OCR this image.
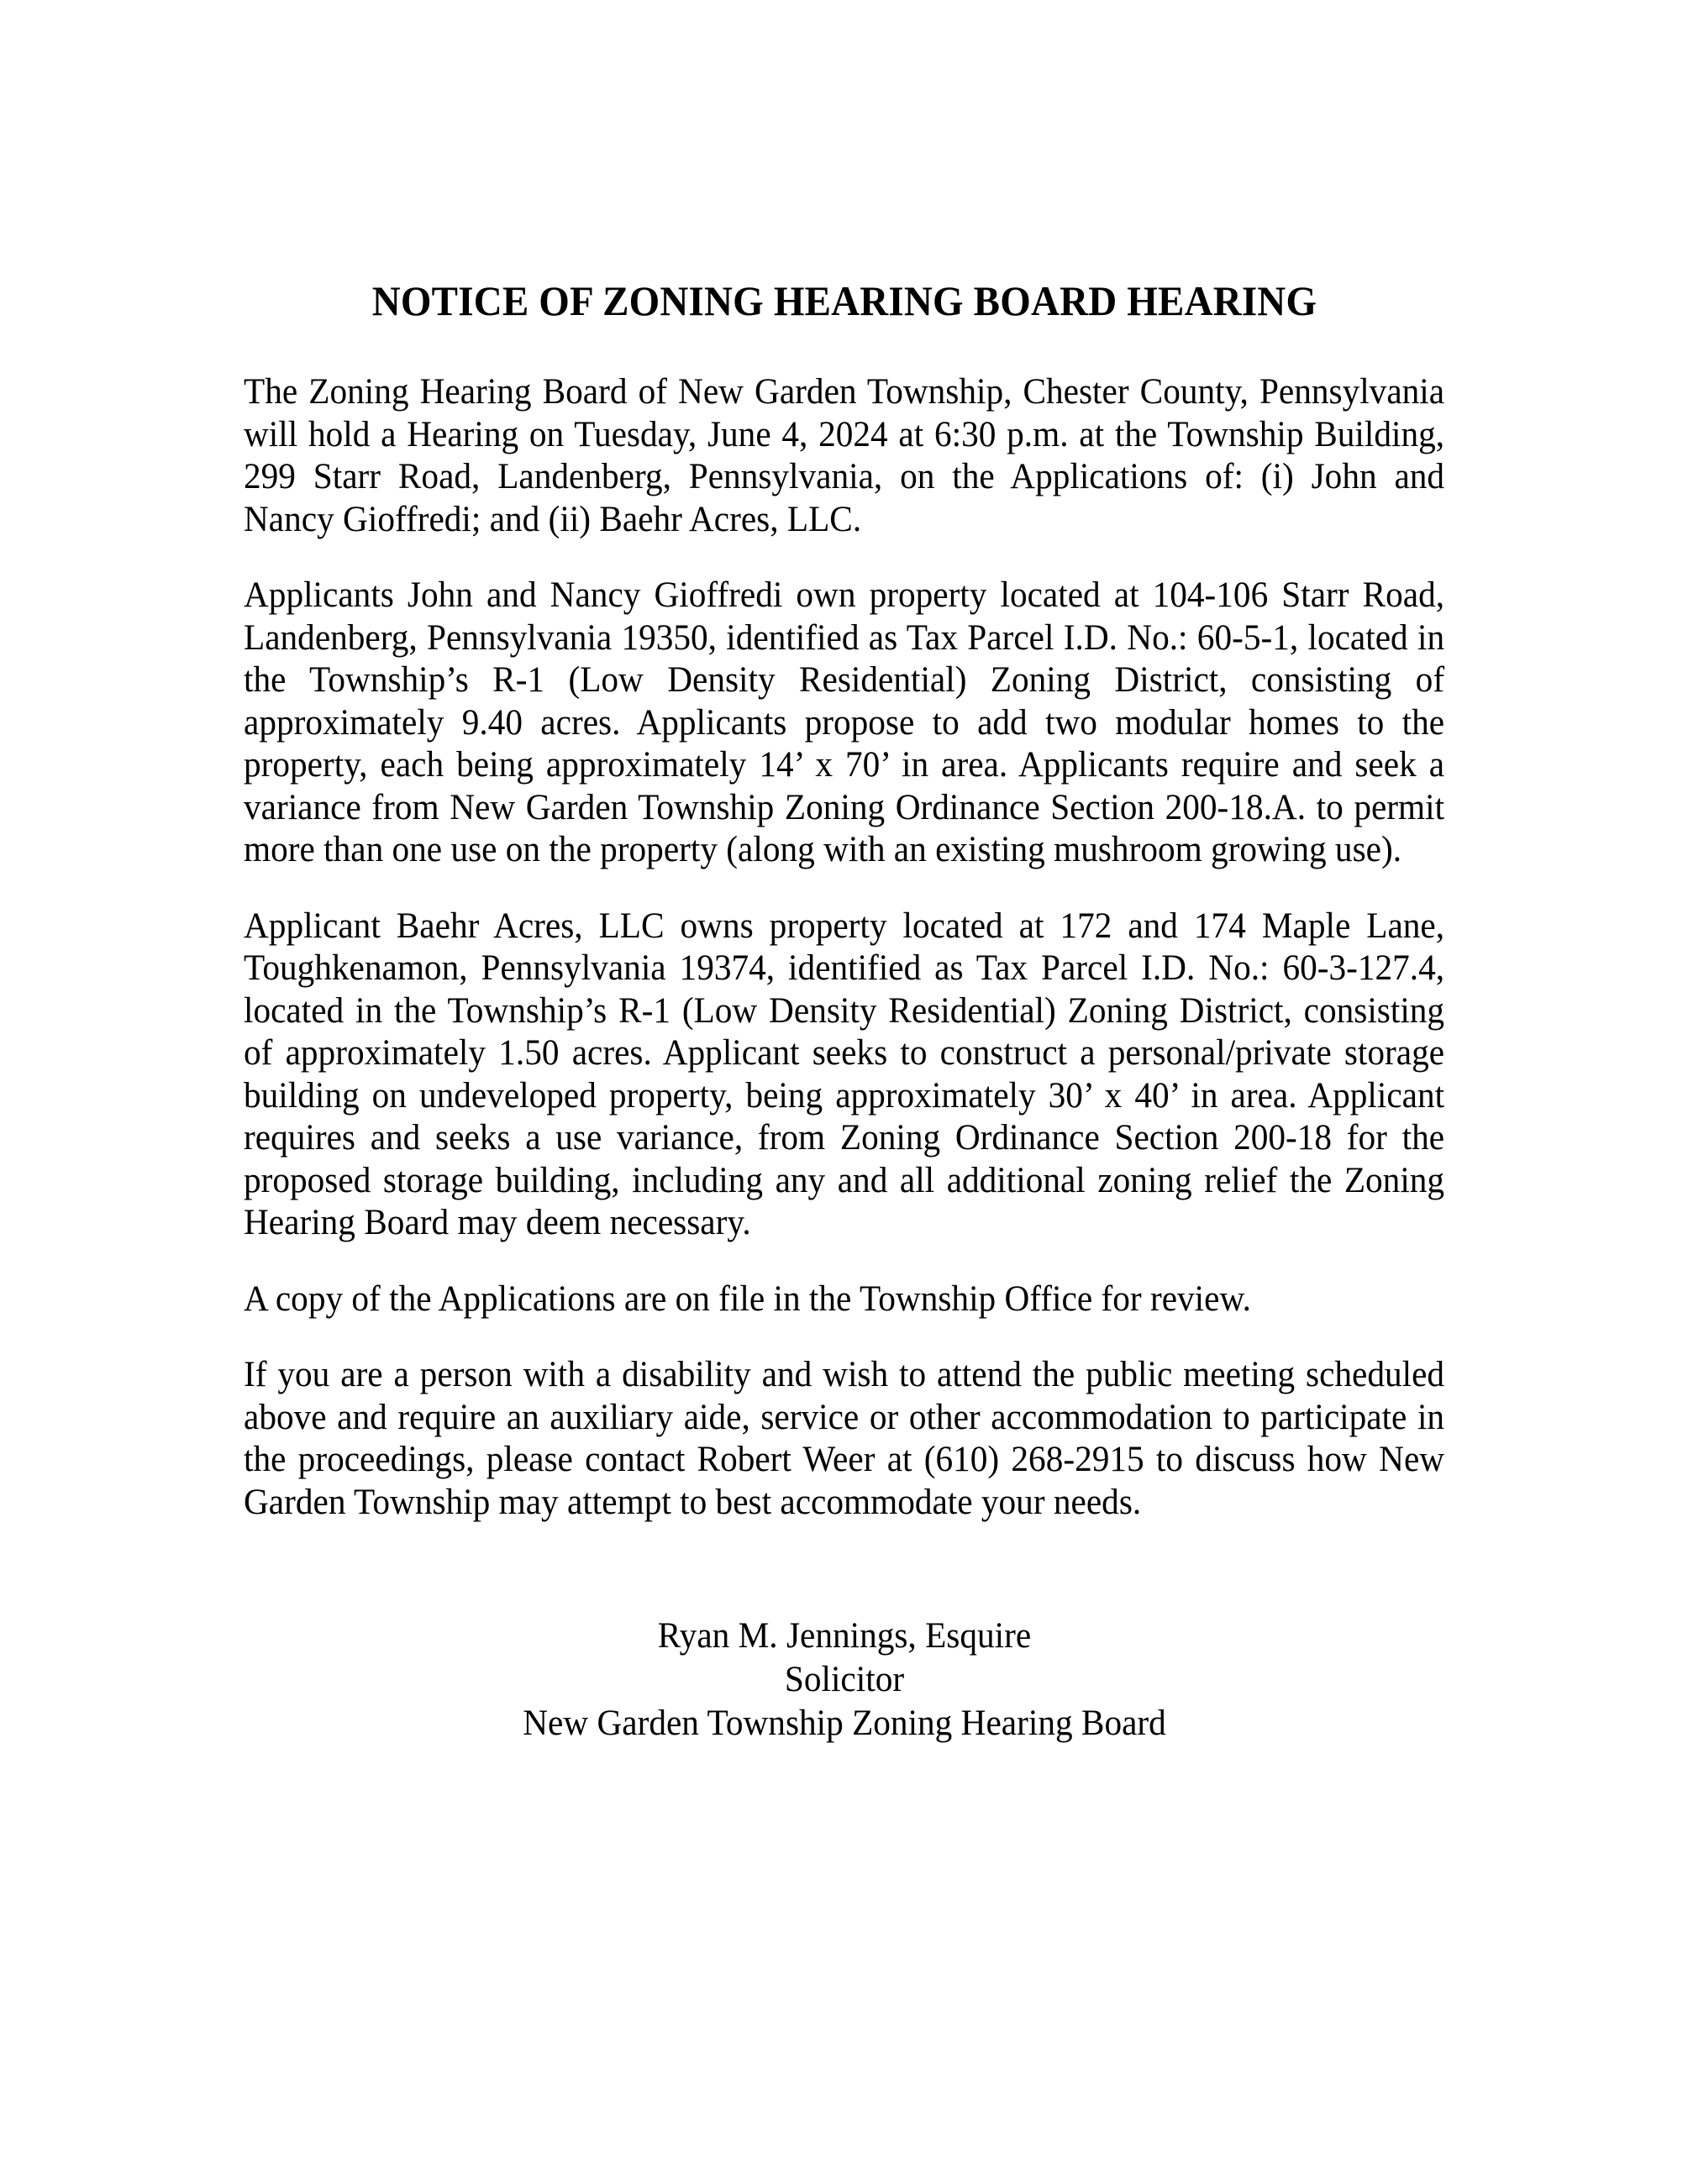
NOTICE OF ZONING HEARING BOARD HEARING

The Zoning Hearing Board of New Garden Township, Chester County, Pennsylvania will hold a Hearing on Tuesday, June 4, 2024 at 6:30 p.m. at the Township Building, 299 Starr Road, Landenberg, Pennsylvania, on the Applications of: (i) John and Nancy Gioffredi; and (ii) Baehr Acres, LLC.

Applicants John and Nancy Gioffredi own property located at 104-106 Starr Road, Landenberg, Pennsylvania 19350, identified as Tax Parcel I.D. No.: 60-5-1, located in the Township’s R-1 (Low Density Residential) Zoning District, consisting of approximately 9.40 acres. Applicants propose to add two modular homes to the property, each being approximately 14’ x 70’ in area. Applicants require and seek a variance from New Garden Township Zoning Ordinance Section 200-18.A. to permit more than one use on the property (along with an existing mushroom growing use).

Applicant Baehr Acres, LLC owns property located at 172 and 174 Maple Lane, Toughkenamon, Pennsylvania 19374, identified as Tax Parcel I.D. No.: 60-3-127.4, located in the Township’s R-1 (Low Density Residential) Zoning District, consisting of approximately 1.50 acres. Applicant seeks to construct a personal/private storage building on undeveloped property, being approximately 30’ x 40’ in area. Applicant requires and seeks a use variance, from Zoning Ordinance Section 200-18 for the proposed storage building, including any and all additional zoning relief the Zoning Hearing Board may deem necessary.

A copy of the Applications are on file in the Township Office for review.

If you are a person with a disability and wish to attend the public meeting scheduled above and require an auxiliary aide, service or other accommodation to participate in the proceedings, please contact Robert Weer at (610) 268-2915 to discuss how New Garden Township may attempt to best accommodate your needs.

Ryan M. Jennings, Esquire
Solicitor
New Garden Township Zoning Hearing Board
